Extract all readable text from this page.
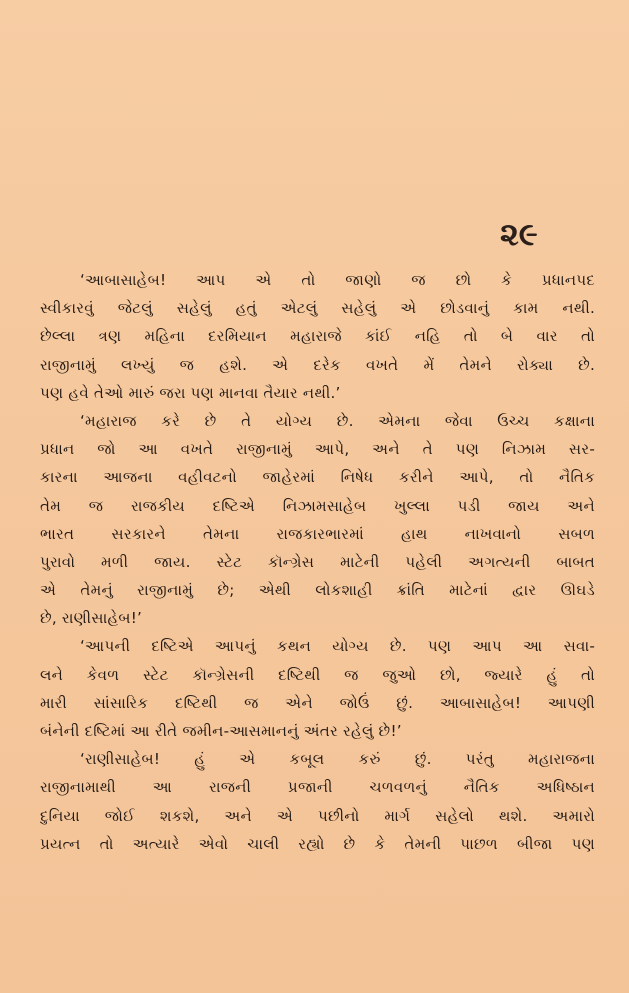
૨૯
‘આબાસાહેબ! આપ એ તો જાણો જ છો કે પ્રધાનપદ
સ્વીકારવું જેટલું સહેલું હતું એટલું સહેલું એ છોડવાનું કામ નથી.
છેલ્લા ત્રણ મહિના દરમિયાન મહારાજે કાંઈ નહિ તો બે વાર તો
રાજીનામું લખ્યું જ હશે. એ દરેક વખતે મેં તેમને રોક્યા છે.
પણ હવે તેઓ મારું જરા પણ માનવા તૈયાર નથી.’
‘મહારાજ કરે છે તે યોગ્ય છે. એમના જેવા ઉચ્ચ કક્ષાના
પ્રધાન જો આ વખતે રાજીનામું આપે, અને તે પણ નિઝામ સર-
કારના આજના વહીવટનો જાહેરમાં નિષેધ કરીને આપે, તો નૈતિક
તેમ જ રાજકીય દષ્ટિએ નિઝામસાહેબ ખુલ્લા પડી જાય અને
ભારત સરકારને તેમના રાજકારભારમાં હાથ નાખવાનો સબળ
પુરાવો મળી જાય. સ્ટેટ કૉન્ગ્રેસ માટેની પહેલી અગત્યની બાબત
એ તેમનું રાજીનામું છે; એથી લોકશાહી ક્રાંતિ માટેનાં દ્વાર ઊઘડે
છે, રાણીસાહેબ!’
‘આપની દષ્ટિએ આપનું કથન યોગ્ય છે. પણ આપ આ સવા-
લને કેવળ સ્ટેટ કૉન્ગ્રેસની દષ્ટિથી જ જુઓ છો, જ્યારે હું તો
મારી સાંસારિક દષ્ટિથી જ એને જોઉં છું. આબાસાહેબ! આપણી
બંનેની દષ્ટિમાં આ રીતે જમીન-આસમાનનું અંતર રહેલું છે!’
‘રાણીસાહેબ! હું એ કબૂલ કરું છું. પરંતુ મહારાજના
રાજીનામાથી આ રાજની પ્રજાની ચળવળનું નૈતિક અધિષ્ઠાન
દુનિયા જોઈ શકશે, અને એ પછીનો માર્ગ સહેલો થશે. અમારો
પ્રયત્ન તો અત્યારે એવો ચાલી રહ્યો છે કે તેમની પાછળ બીજા પણ
